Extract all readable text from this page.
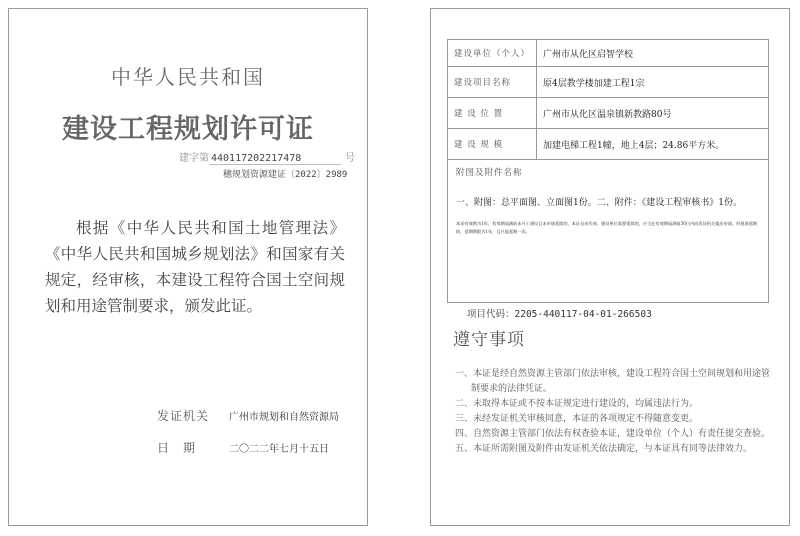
中华人民共和国
建设工程规划许可证
建字第 440117202217478	号
穗规划资源建证〔2022〕2989
根据《中华人民共和国土地管理法》《中华人民共和国城乡规划法》和国家有关规定，经审核，本建设工程符合国土空间规划和用途管制要求，颁发此证。
发证机关 广州市规划和自然资源局
日期 二〇二二年七月十五日
建设单位（个人）	广州市从化区启智学校
建设项目名称	原4层教学楼加建工程1宗
建 设 位 置	广州市从化区温泉镇新教路80号
建 设 规 模	加建电梯工程1幢，地上4层；24.86平方米。

附图及附件名称
一、附图：总平面图、立面图1份。二、附件：《建设工程审核书》1份。
本证有效期为1年，有效期届满前未开工建设且未申请延续的，本证自动失效。建设单位需要延续的，应当在有效期届满前30日内向发证机关提出申请。经批准延期的，延期期限为1年，且只能延期一次。	
项目代码：2205-440117-04-01-266503
遵守事项
一、本证是经自然资源主管部门依法审核，建设工程符合国土空间规划和用途管制要求的法律凭证。
二、未取得本证或不按本证规定进行建设的，均属违法行为。
三、未经发证机关审核同意，本证的各项规定不得随意变更。
四、自然资源主管部门依法有权查验本证，建设单位（个人）有责任提交查验。
五、本证所需附图及附件由发证机关依法确定，与本证具有同等法律效力。
